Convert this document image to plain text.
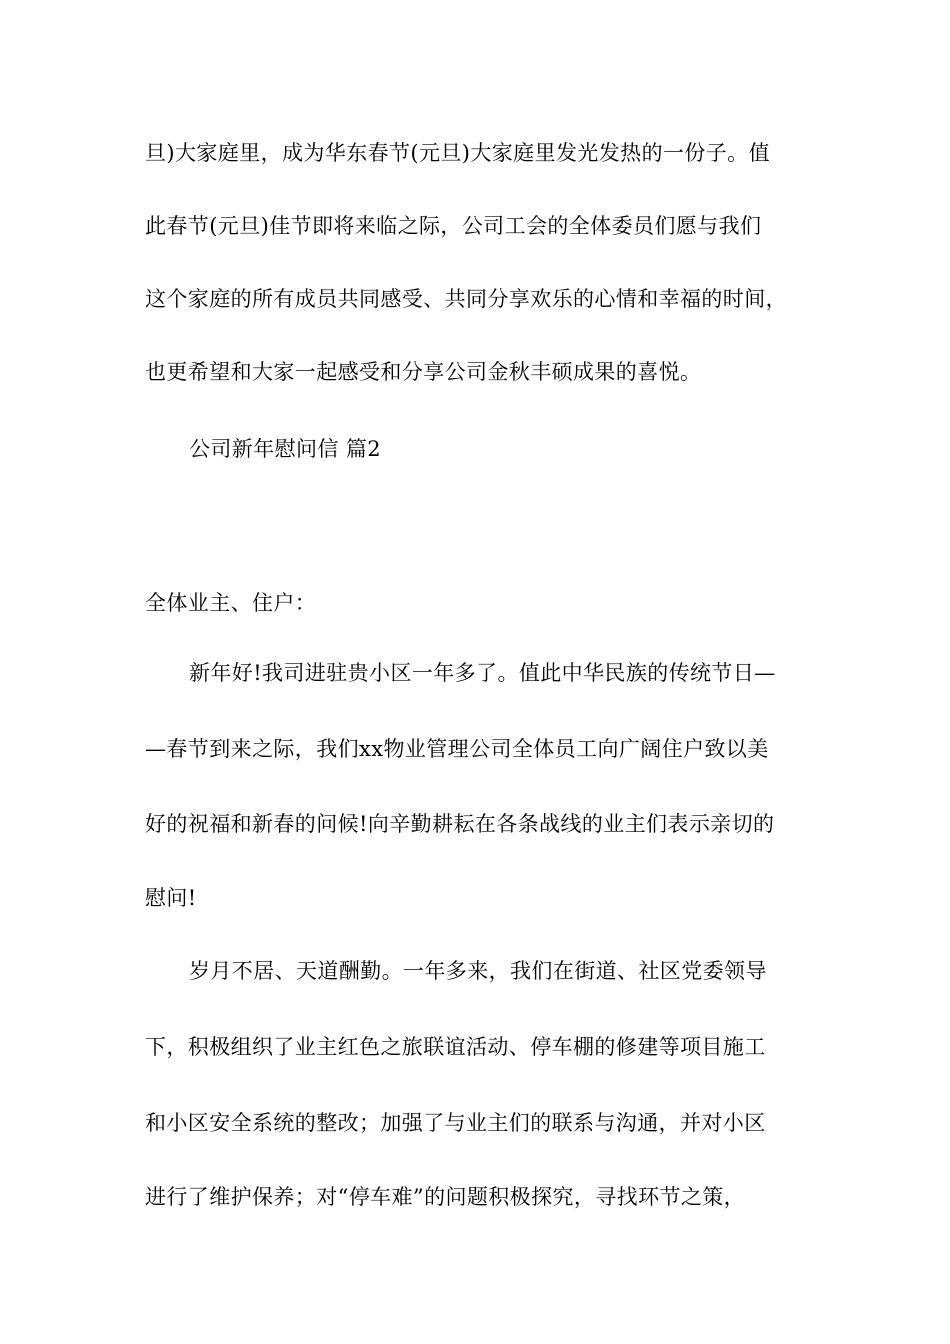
旦)大家庭里，成为华东春节(元旦)大家庭里发光发热的一份子。值
此春节(元旦)佳节即将来临之际，公司工会的全体委员们愿与我们
这个家庭的所有成员共同感受、共同分享欢乐的心情和幸福的时间，
也更希望和大家一起感受和分享公司金秋丰硕成果的喜悦。
公司新年慰问信 篇2
全体业主、住户：
新年好!我司进驻贵小区一年多了。值此中华民族的传统节日—
—春节到来之际，我们xx物业管理公司全体员工向广阔住户致以美
好的祝福和新春的问候!向辛勤耕耘在各条战线的业主们表示亲切的
慰问!
岁月不居、天道酬勤。一年多来，我们在街道、社区党委领导
下，积极组织了业主红色之旅联谊活动、停车棚的修建等项目施工
和小区安全系统的整改；加强了与业主们的联系与沟通，并对小区
进行了维护保养；对“停车难”的问题积极探究，寻找环节之策，
